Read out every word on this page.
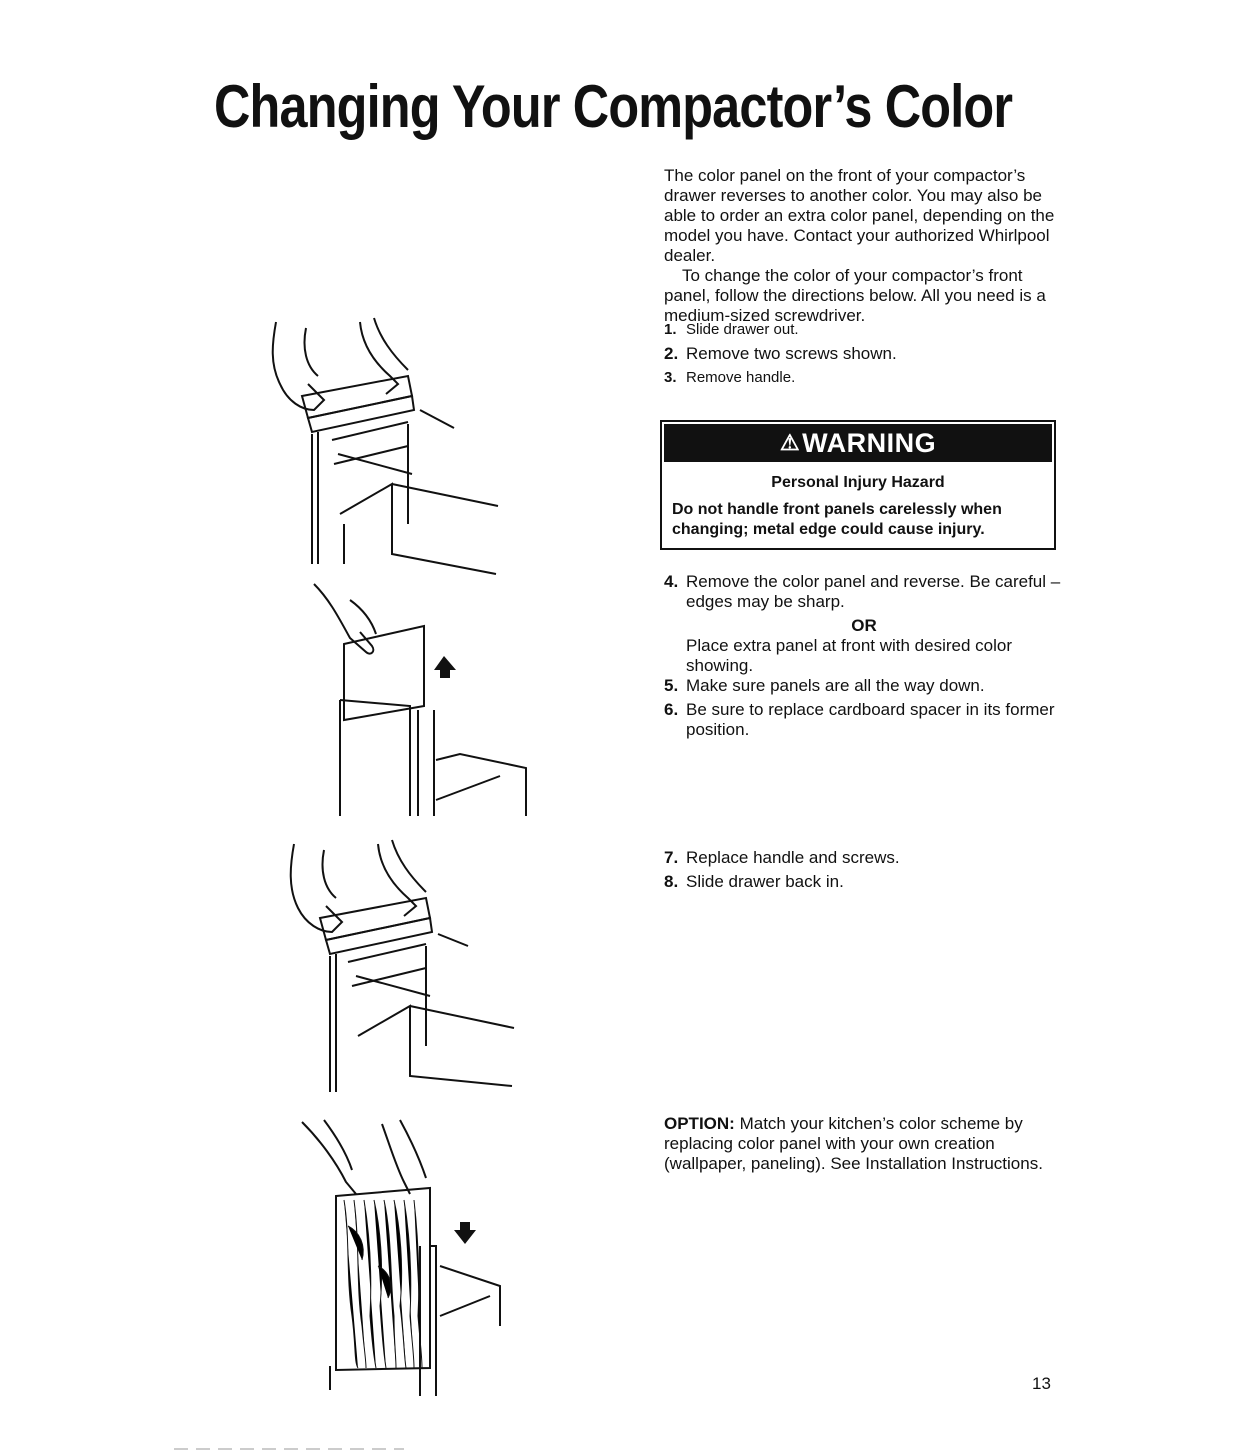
Changing Your Compactor’s Color

The color panel on the front of your compactor’s drawer reverses to another color. You may also be able to order an extra color panel, depending on the model you have. Contact your authorized Whirlpool dealer.

To change the color of your compactor’s front panel, follow the directions below. All you need is a medium-sized screwdriver.

1. Slide drawer out.
2. Remove two screws shown.
3. Remove handle.
⚠ WARNING
Personal Injury Hazard
Do not handle front panels carelessly when changing; metal edge could cause injury.
4. Remove the color panel and reverse. Be careful –edges may be sharp.

OR

Place extra panel at front with desired color showing.

5. Make sure panels are all the way down.
6. Be sure to replace cardboard spacer in its former position.
7. Replace handle and screws.
8. Slide drawer back in.

OPTION: Match your kitchen’s color scheme by replacing color panel with your own creation (wallpaper, paneling). See Installation Instructions.

13
